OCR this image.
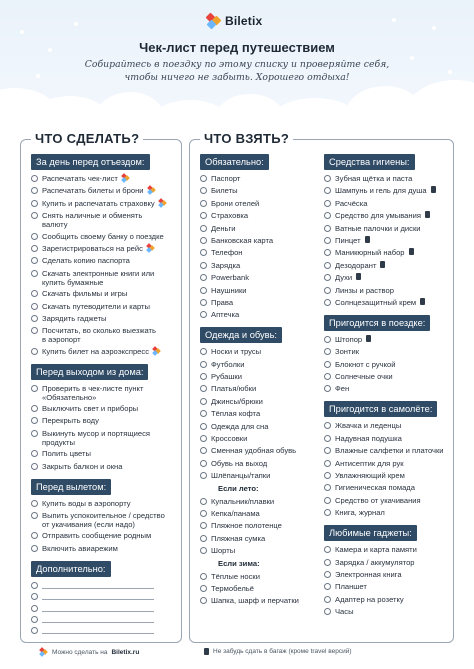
Biletix
Чек-лист перед путешествием
Собирайтесь в поездку по этому списку и проверяйте себя,
чтобы ничего не забыть. Хорошего отдыха!
ЧТО СДЕЛАТЬ?
За день перед отъездом:
Распечатать чек-лист
Распечатать билеты и брони
Купить и распечатать страховку
Снять наличные и обменять
валюту
Сообщить своему банку о поездке
Зарегистрироваться на рейс
Сделать копию паспорта
Скачать электронные книги или
купить бумажные
Скачать фильмы и игры
Скачать путеводители и карты
Зарядить гаджеты
Посчитать, во сколько выезжать
в аэропорт
Купить билет на аэроэкспресс
Перед выходом из дома:
Проверить в чек-листе пункт
«Обязательно»
Выключить свет и приборы
Перекрыть воду
Выкинуть мусор и портящиеся
продукты
Полить цветы
Закрыть балкон и окна
Перед вылетом:
Купить воды в аэропорту
Выпить успокоительное / средство
от укачивания (если надо)
Отправить сообщение родным
Включить авиарежим
Дополнительно:
ЧТО ВЗЯТЬ?
Обязательно:
Паспорт
Билеты
Брони отелей
Страховка
Деньги
Банковская карта
Телефон
Зарядка
Powerbank
Наушники
Права
Аптечка
Одежда и обувь:
Носки и трусы
Футболки
Рубашки
Платья/юбки
Джинсы/брюки
Тёплая кофта
Одежда для сна
Кроссовки
Сменная удобная обувь
Обувь на выход
Шлёпанцы/тапки
Если лето:
Купальник/плавки
Кепка/панама
Пляжное полотенце
Пляжная сумка
Шорты
Если зима:
Тёплые носки
Термобельё
Шапка, шарф и перчатки
Средства гигиены:
Зубная щётка и паста
Шампунь и гель для душа
Расчёска
Средство для умывания
Ватные палочки и диски
Пинцет
Маникюрный набор
Дезодорант
Духи
Линзы и раствор
Солнцезащитный крем
Пригодится в поездке:
Штопор
Зонтик
Блокнот с ручкой
Солнечные очки
Фен
Пригодится в самолёте:
Жвачка и леденцы
Надувная подушка
Влажные салфетки и платочки
Антисептик для рук
Увлажняющий крем
Гигиеническая помада
Средство от укачивания
Книга, журнал
Любимые гаджеты:
Камера и карта памяти
Зарядка / аккумулятор
Электронная книга
Планшет
Адаптер на розетку
Часы
Можно сделать на Biletix.ru	Не забудь сдать в багаж (кроме travel версий)
